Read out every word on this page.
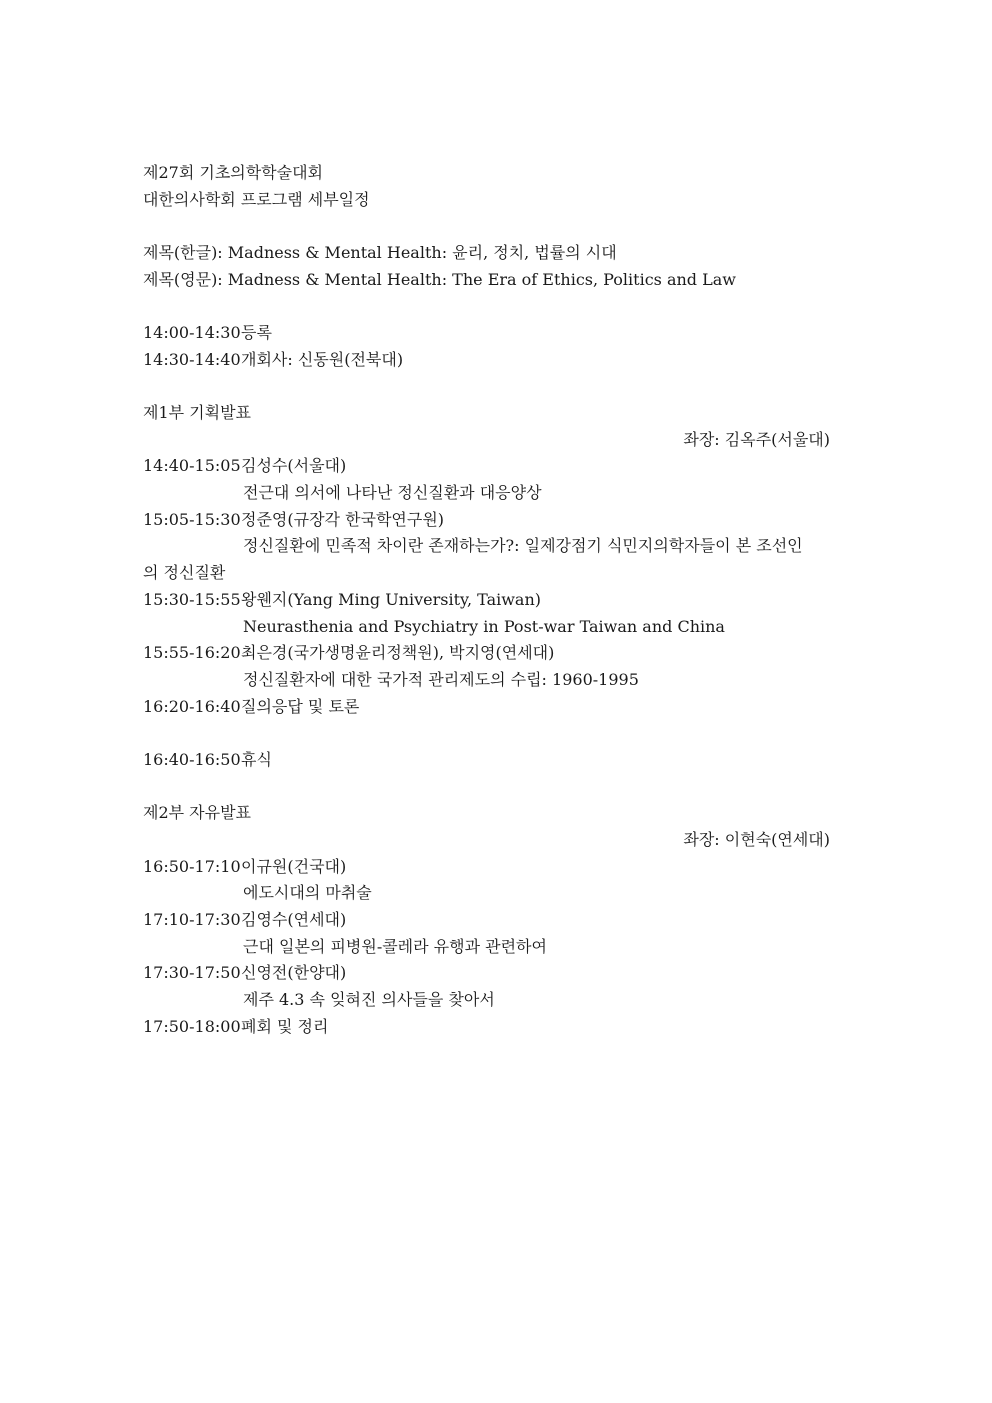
제27회 기초의학학술대회
대한의사학회 프로그램 세부일정
제목(한글): Madness & Mental Health: 윤리, 정치, 법률의 시대
제목(영문): Madness & Mental Health: The Era of Ethics, Politics and Law
14:00-14:30등록
14:30-14:40개회사: 신동원(전북대)
제1부 기획발표
좌장: 김옥주(서울대)
14:40-15:05김성수(서울대)
전근대 의서에 나타난 정신질환과 대응양상
15:05-15:30정준영(규장각 한국학연구원)
정신질환에 민족적 차이란 존재하는가?: 일제강점기 식민지의학자들이 본 조선인
의 정신질환
15:30-15:55왕웬지(Yang Ming University, Taiwan)
Neurasthenia and Psychiatry in Post-war Taiwan and China
15:55-16:20최은경(국가생명윤리정책원), 박지영(연세대)
정신질환자에 대한 국가적 관리제도의 수립: 1960-1995
16:20-16:40질의응답 및 토론
16:40-16:50휴식
제2부 자유발표
좌장: 이현숙(연세대)
16:50-17:10이규원(건국대)
에도시대의 마취술
17:10-17:30김영수(연세대)
근대 일본의 피병원-콜레라 유행과 관련하여
17:30-17:50신영전(한양대)
제주 4.3 속 잊혀진 의사들을 찾아서
17:50-18:00폐회 및 정리
